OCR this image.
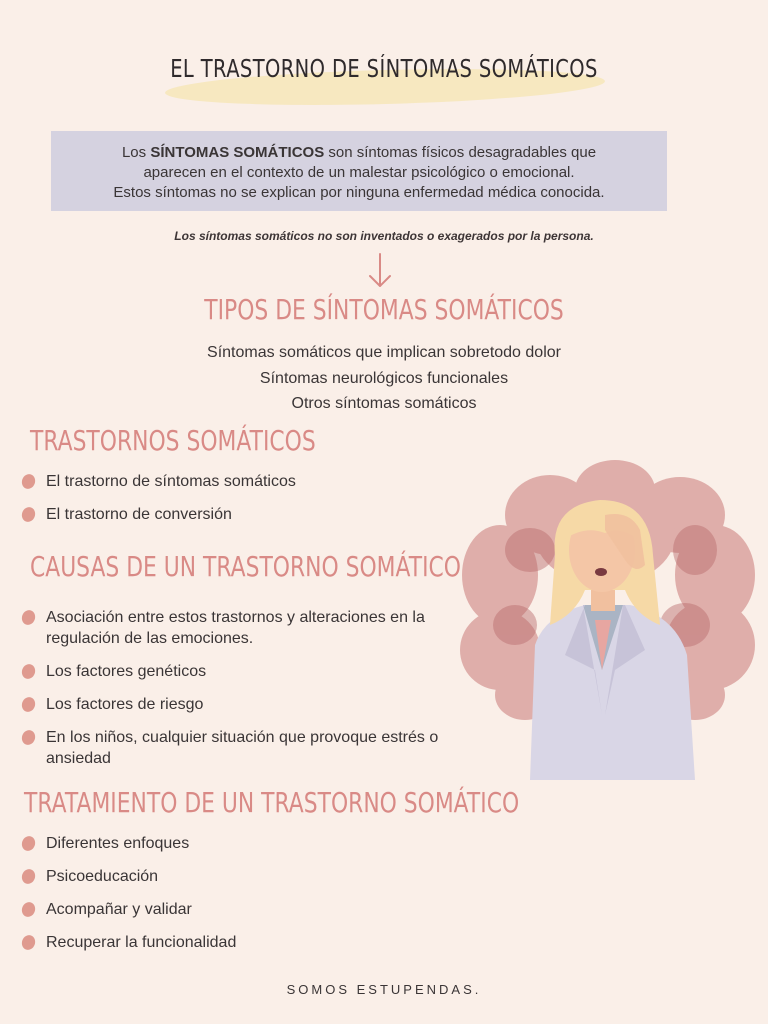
EL TRASTORNO DE SÍNTOMAS SOMÁTICOS
Los SÍNTOMAS SOMÁTICOS son síntomas físicos desagradables que
aparecen en el contexto de un malestar psicológico o emocional.
Estos síntomas no se explican por ninguna enfermedad médica conocida.
Los síntomas somáticos no son inventados o exagerados por la persona.
TIPOS DE SÍNTOMAS SOMÁTICOS
Síntomas somáticos que implican sobretodo dolor
Síntomas neurológicos funcionales
Otros síntomas somáticos
TRASTORNOS SOMÁTICOS
El trastorno de síntomas somáticos
El trastorno de conversión
CAUSAS DE UN TRASTORNO SOMÁTICO
Asociación entre estos trastornos y alteraciones en la regulación de las emociones.
Los factores genéticos
Los factores de riesgo
En los niños, cualquier situación que provoque estrés o ansiedad
TRATAMIENTO DE UN TRASTORNO SOMÁTICO
Diferentes enfoques
Psicoeducación
Acompañar y validar
Recuperar la funcionalidad
SOMOS ESTUPENDAS.
